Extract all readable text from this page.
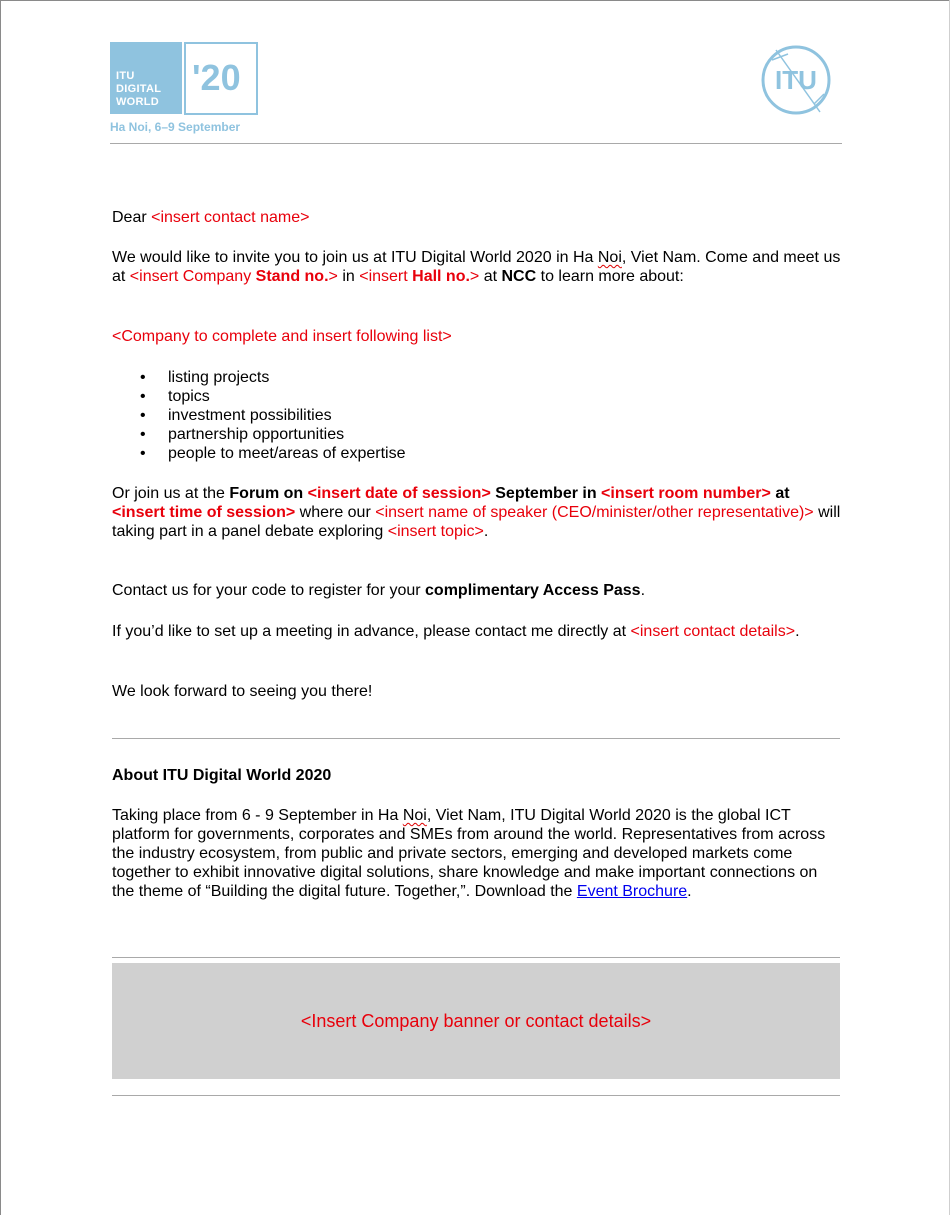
ITU
DIGITAL
WORLD
'20
Ha Noi, 6–9 September
ITU
Dear <insert contact name>
We would like to invite you to join us at ITU Digital World 2020 in Ha Noi, Viet Nam. Come and meet us at <insert Company Stand no.> in <insert Hall no.> at NCC to learn more about:
<Company to complete and insert following list>
• listing projects
• topics
• investment possibilities
• partnership opportunities
• people to meet/areas of expertise
Or join us at the Forum on <insert date of session> September in <insert room number> at <insert time of session> where our <insert name of speaker (CEO/minister/other representative)> will taking part in a panel debate exploring <insert topic>.
Contact us for your code to register for your complimentary Access Pass.
If you’d like to set up a meeting in advance, please contact me directly at <insert contact details>.
We look forward to seeing you there!
About ITU Digital World 2020
Taking place from 6 - 9 September in Ha Noi, Viet Nam, ITU Digital World 2020 is the global ICT platform for governments, corporates and SMEs from around the world. Representatives from across the industry ecosystem, from public and private sectors, emerging and developed markets come together to exhibit innovative digital solutions, share knowledge and make important connections on the theme of “Building the digital future. Together,”. Download the Event Brochure.
<Insert Company banner or contact details>
